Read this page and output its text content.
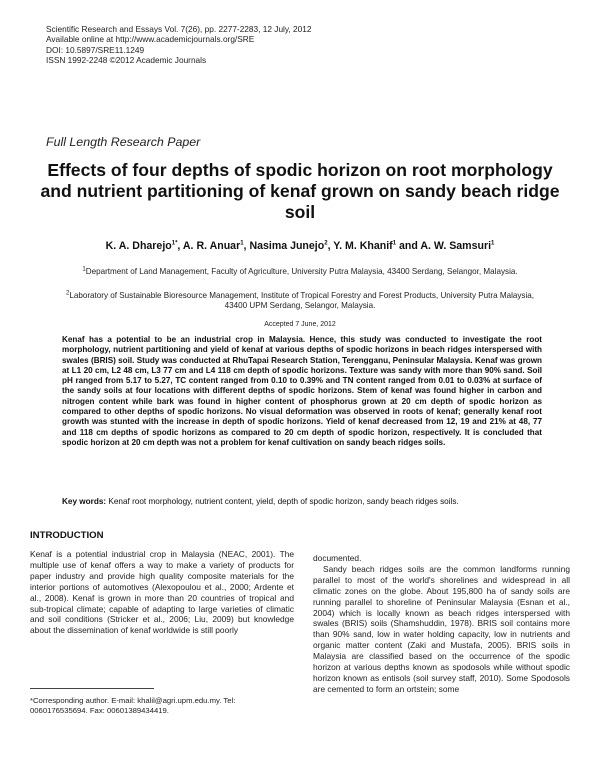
Scientific Research and Essays Vol. 7(26), pp. 2277-2283, 12 July, 2012
Available online at http://www.academicjournals.org/SRE
DOI: 10.5897/SRE11.1249
ISSN 1992-2248 ©2012 Academic Journals
Full Length Research Paper
Effects of four depths of spodic horizon on root morphology and nutrient partitioning of kenaf grown on sandy beach ridge soil
K. A. Dharejo$^{1*}$, A. R. Anuar$^1$, Nasima Junejo$^2$, Y. M. Khanif$^1$ and A. W. Samsuri$^1$
$^1$Department of Land Management, Faculty of Agriculture, University Putra Malaysia, 43400 Serdang, Selangor, Malaysia.
$^2$Laboratory of Sustainable Bioresource Management, Institute of Tropical Forestry and Forest Products, University Putra Malaysia, 43400 UPM Serdang, Selangor, Malaysia.
Accepted 7 June, 2012
Kenaf has a potential to be an industrial crop in Malaysia. Hence, this study was conducted to investigate the root morphology, nutrient partitioning and yield of kenaf at various depths of spodic horizons in beach ridges interspersed with swales (BRIS) soil. Study was conducted at RhuTapai Research Station, Terengganu, Peninsular Malaysia. Kenaf was grown at L1 20 cm, L2 48 cm, L3 77 cm and L4 118 cm depth of spodic horizons. Texture was sandy with more than 90% sand. Soil pH ranged from 5.17 to 5.27, TC content ranged from 0.10 to 0.39% and TN content ranged from 0.01 to 0.03% at surface of the sandy soils at four locations with different depths of spodic horizons. Stem of kenaf was found higher in carbon and nitrogen content while bark was found in higher content of phosphorus grown at 20 cm depth of spodic horizon as compared to other depths of spodic horizons. No visual deformation was observed in roots of kenaf; generally kenaf root growth was stunted with the increase in depth of spodic horizons. Yield of kenaf decreased from 12, 19 and 21% at 48, 77 and 118 cm depths of spodic horizons as compared to 20 cm depth of spodic horizon, respectively. It is concluded that spodic horizon at 20 cm depth was not a problem for kenaf cultivation on sandy beach ridges soils.
Key words: Kenaf root morphology, nutrient content, yield, depth of spodic horizon, sandy beach ridges soils.
INTRODUCTION

Kenaf is a potential industrial crop in Malaysia (NEAC, 2001). The multiple use of kenaf offers a way to make a variety of products for paper industry and provide high quality composite materials for the interior portions of automotives (Alexopoulou et al., 2000; Ardente et al., 2008). Kenaf is grown in more than 20 countries of tropical and sub-tropical climate; capable of adapting to large varieties of climatic and soil conditions (Stricker et al., 2006; Liu, 2009) but knowledge about the dissemination of kenaf worldwide is still poorly

documented.

Sandy beach ridges soils are the common landforms running parallel to most of the world's shorelines and widespread in all climatic zones on the globe. About 195,800 ha of sandy soils are running parallel to shoreline of Peninsular Malaysia (Esnan et al., 2004) which is locally known as beach ridges interspersed with swales (BRIS) soils (Shamshuddin, 1978). BRIS soil contains more than 90% sand, low in water holding capacity, low in nutrients and organic matter content (Zaki and Mustafa, 2005). BRIS soils in Malaysia are classified based on the occurrence of the spodic horizon at various depths known as spodosols while without spodic horizon known as entisols (soil survey staff, 2010). Some Spodosols are cemented to form an ortstein; some

*Corresponding author. E-mail: khalil@agri.upm.edu.my. Tel: 0060176535694. Fax: 00601389434419.
